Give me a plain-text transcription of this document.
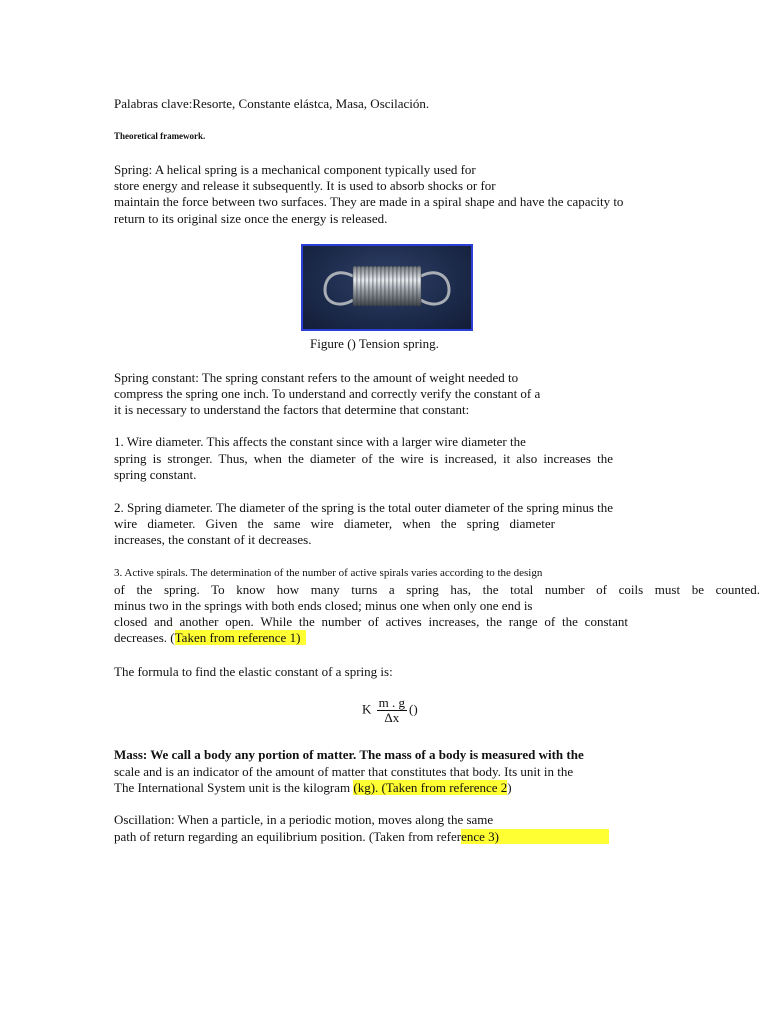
Palabras clave:Resorte, Constante elástca, Masa, Oscilación.
Theoretical framework.
Spring: A helical spring is a mechanical component typically used for
store energy and release it subsequently. It is used to absorb shocks or for
maintain the force between two surfaces. They are made in a spiral shape and have the capacity to
return to its original size once the energy is released.
Figure () Tension spring.
Spring constant: The spring constant refers to the amount of weight needed to
compress the spring one inch. To understand and correctly verify the constant of a
it is necessary to understand the factors that determine that constant:
1. Wire diameter. This affects the constant since with a larger wire diameter the
spring is stronger. Thus, when the diameter of the wire is increased, it also increases the
spring constant.
2. Spring diameter. The diameter of the spring is the total outer diameter of the spring minus the
wire diameter. Given the same wire diameter, when the spring diameter
increases, the constant of it decreases.
3. Active spirals. The determination of the number of active spirals varies according to the design
of the spring. To know how many turns a spring has, the total number of coils must be counted.
minus two in the springs with both ends closed; minus one when only one end is
closed and another open. While the number of actives increases, the range of the constant
decreases. (Taken from reference 1)
The formula to find the elastic constant of a spring is:
K $\frac{m . g}{\Delta x}$ ()
Mass: We call a body any portion of matter. The mass of a body is measured with the
scale and is an indicator of the amount of matter that constitutes that body. Its unit in the
The International System unit is the kilogram (kg). (Taken from reference 2)
Oscillation: When a particle, in a periodic motion, moves along the same
path of return regarding an equilibrium position. (Taken from reference 3)
